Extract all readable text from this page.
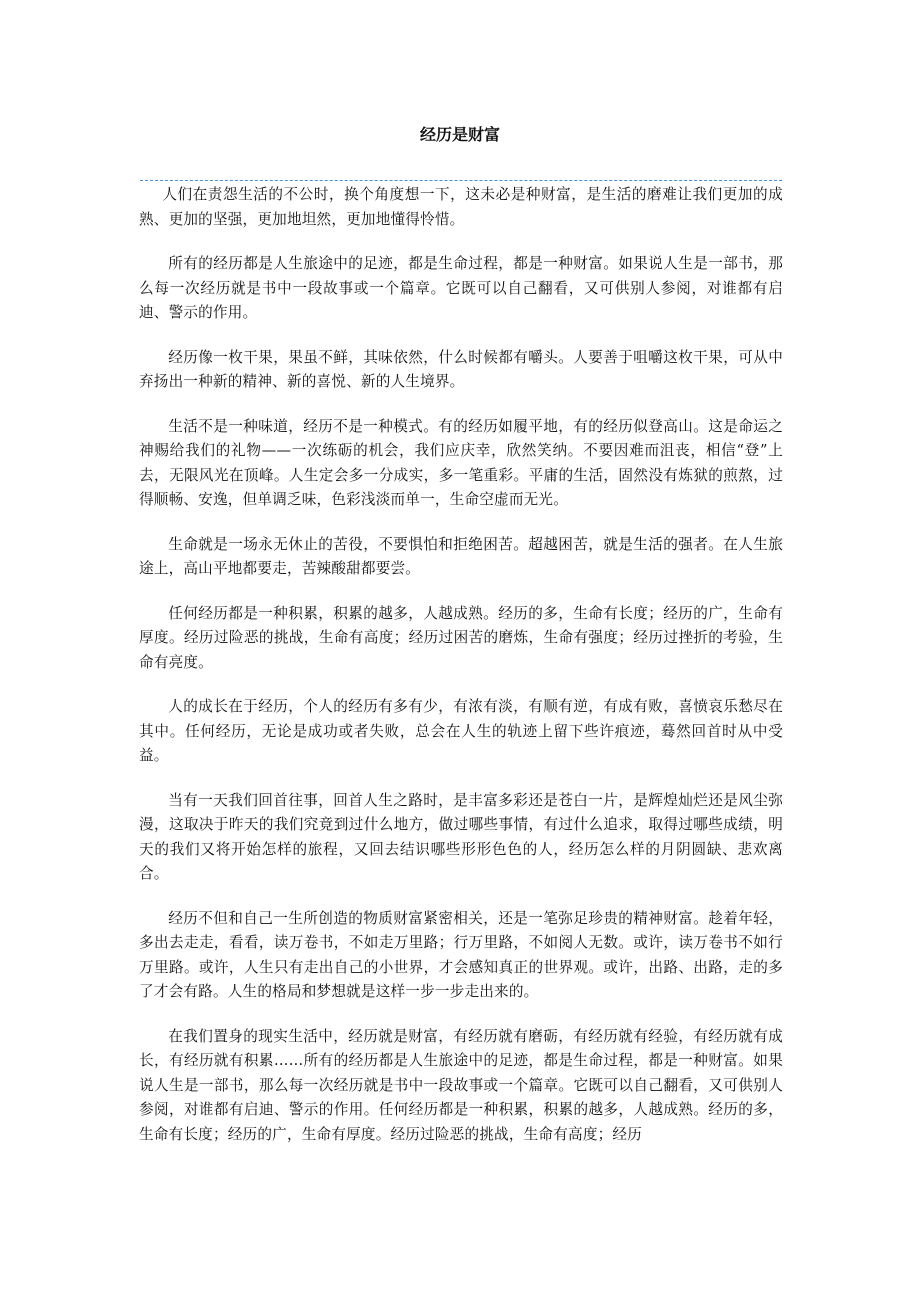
经历是财富

人们在责怨生活的不公时，换个角度想一下，这未必是种财富，是生活的磨难让我们更加的成熟、更加的坚强，更加地坦然，更加地懂得怜惜。

所有的经历都是人生旅途中的足迹，都是生命过程，都是一种财富。如果说人生是一部书，那么每一次经历就是书中一段故事或一个篇章。它既可以自己翻看，又可供别人参阅，对谁都有启迪、警示的作用。

经历像一枚干果，果虽不鲜，其味依然，什么时候都有嚼头。人要善于咀嚼这枚干果，可从中弃扬出一种新的精神、新的喜悦、新的人生境界。

生活不是一种味道，经历不是一种模式。有的经历如履平地，有的经历似登高山。这是命运之神赐给我们的礼物——一次练砺的机会，我们应庆幸，欣然笑纳。不要因难而沮丧，相信“登”上去，无限风光在顶峰。人生定会多一分成实，多一笔重彩。平庸的生活，固然没有炼狱的煎熬，过得顺畅、安逸，但单调乏味，色彩浅淡而单一，生命空虚而无光。

生命就是一场永无休止的苦役，不要惧怕和拒绝困苦。超越困苦，就是生活的强者。在人生旅途上，高山平地都要走，苦辣酸甜都要尝。

任何经历都是一种积累，积累的越多，人越成熟。经历的多，生命有长度；经历的广，生命有厚度。经历过险恶的挑战，生命有高度；经历过困苦的磨炼，生命有强度；经历过挫折的考验，生命有亮度。

人的成长在于经历，个人的经历有多有少，有浓有淡，有顺有逆，有成有败，喜愤哀乐愁尽在其中。任何经历，无论是成功或者失败，总会在人生的轨迹上留下些许痕迹，蓦然回首时从中受益。

当有一天我们回首往事，回首人生之路时，是丰富多彩还是苍白一片，是辉煌灿烂还是风尘弥漫，这取决于昨天的我们究竟到过什么地方，做过哪些事情，有过什么追求，取得过哪些成绩，明天的我们又将开始怎样的旅程，又回去结识哪些形形色色的人，经历怎么样的月阴圆缺、悲欢离合。

经历不但和自己一生所创造的物质财富紧密相关，还是一笔弥足珍贵的精神财富。趁着年轻，多出去走走，看看，读万卷书，不如走万里路；行万里路，不如阅人无数。或许，读万卷书不如行万里路。或许，人生只有走出自己的小世界，才会感知真正的世界观。或许，出路、出路，走的多了才会有路。人生的格局和梦想就是这样一步一步走出来的。

在我们置身的现实生活中，经历就是财富，有经历就有磨砺，有经历就有经验，有经历就有成长，有经历就有积累……所有的经历都是人生旅途中的足迹，都是生命过程，都是一种财富。如果说人生是一部书，那么每一次经历就是书中一段故事或一个篇章。它既可以自己翻看，又可供别人参阅，对谁都有启迪、警示的作用。任何经历都是一种积累，积累的越多，人越成熟。经历的多，生命有长度；经历的广，生命有厚度。经历过险恶的挑战，生命有高度；经历
